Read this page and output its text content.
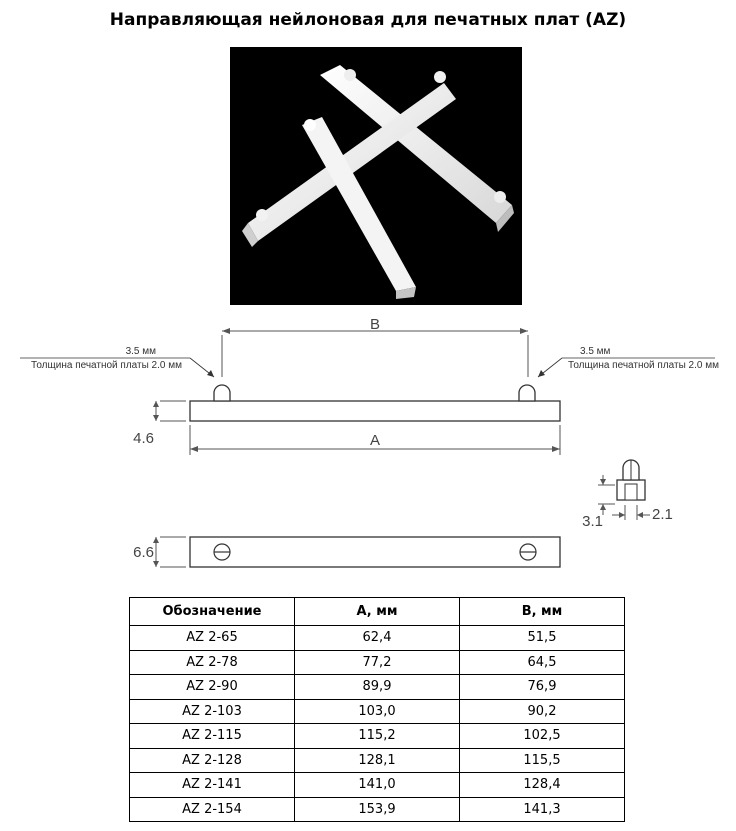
Направляющая нейлоновая для печатных плат (AZ)
B
3.5 мм
Толщина печатной платы 2.0 мм
3.5 мм
Толщина печатной платы 2.0 мм
4.6	A
3.1	2.1
6.6
Обозначение	A, мм	B, мм
AZ 2-65	62,4	51,5
AZ 2-78	77,2	64,5
AZ 2-90	89,9	76,9
AZ 2-103	103,0	90,2
AZ 2-115	115,2	102,5
AZ 2-128	128,1	115,5
AZ 2-141	141,0	128,4
AZ 2-154	153,9	141,3
